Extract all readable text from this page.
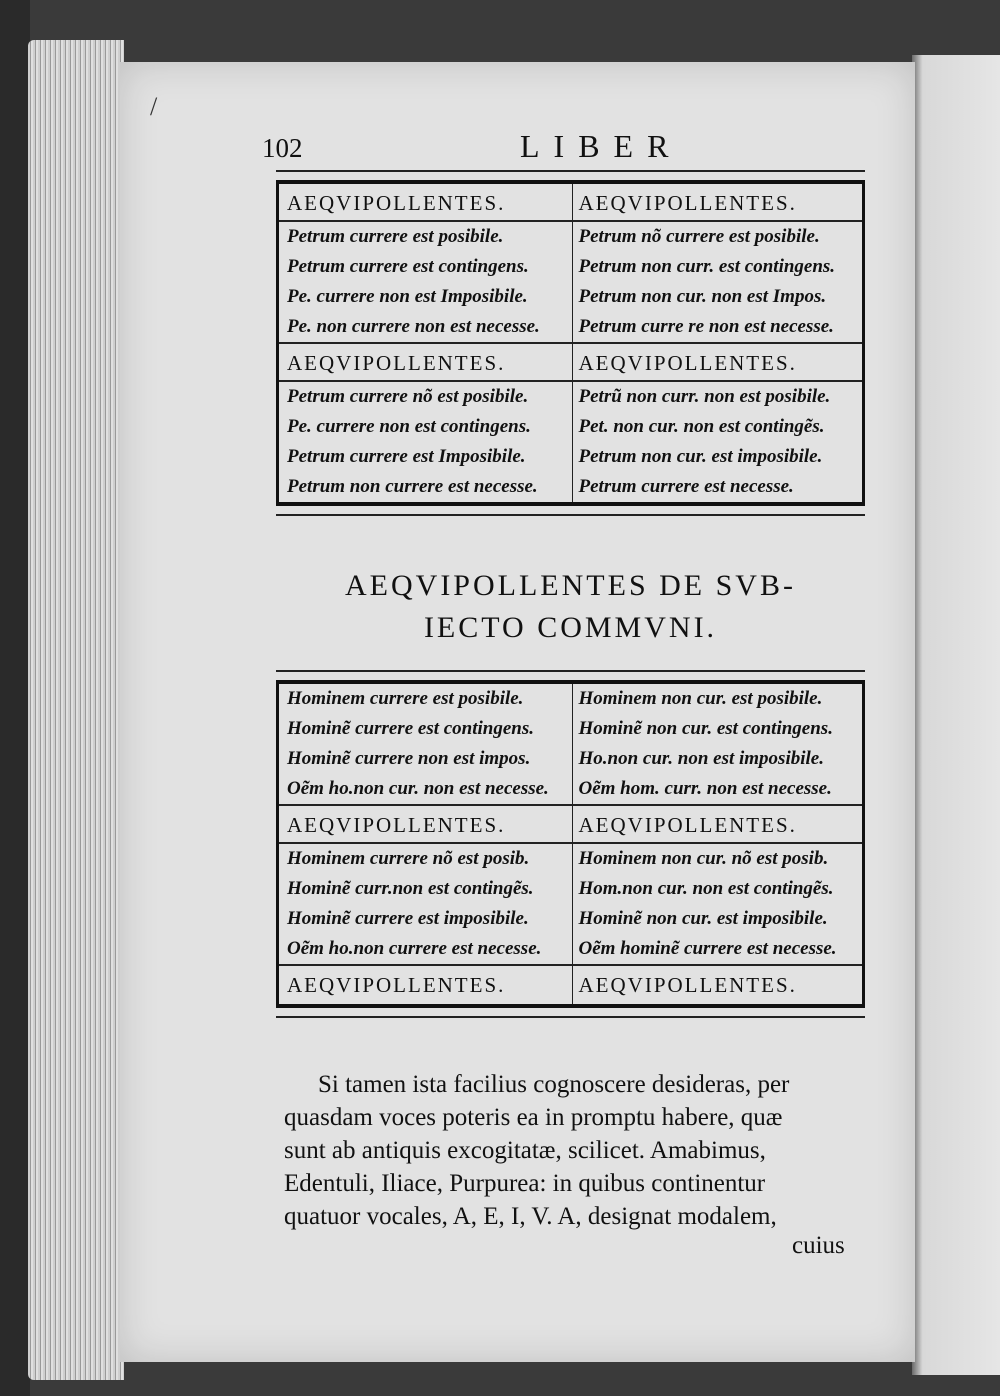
/
102	LIBER
AEQVIPOLLENTES.	AEQVIPOLLENTES.
Petrum currere est posibile.	Petrum nõ currere est posibile.
Petrum currere est contingens.	Petrum non curr. est contingens.
Pe. currere non est Imposibile.	Petrum non cur. non est Impos.
Pe. non currere non est necesse.	Petrum curre re non est necesse.
AEQVIPOLLENTES.	AEQVIPOLLENTES.
Petrum currere nõ est posibile.	Petrũ non curr. non est posibile.
Pe. currere non est contingens.	Pet. non cur. non est contingẽs.
Petrum currere est Imposibile.	Petrum non cur. est imposibile.
Petrum non currere est necesse.	Petrum currere est necesse.
AEQVIPOLLENTES DE SVB-
IECTO COMMVNI.
Hominem currere est posibile.	Hominem non cur. est posibile.
Hominẽ currere est contingens.	Hominẽ non cur. est contingens.
Hominẽ currere non est impos.	Ho.non cur. non est imposibile.
Oẽm ho.non cur. non est necesse.	Oẽm hom. curr. non est necesse.
AEQVIPOLLENTES.	AEQVIPOLLENTES.
Hominem currere nõ est posib.	Hominem non cur. nõ est posib.
Hominẽ curr.non est contingẽs.	Hom.non cur. non est contingẽs.
Hominẽ currere est imposibile.	Hominẽ non cur. est imposibile.
Oẽm ho.non currere est necesse.	Oẽm hominẽ currere est necesse.
AEQVIPOLLENTES.	AEQVIPOLLENTES.
Si tamen ista facilius cognoscere desideras, per
quasdam voces poteris ea in promptu habere, quæ
sunt ab antiquis excogitatæ, scilicet. Amabimus,
Edentuli, Iliace, Purpurea: in quibus continentur
quatuor vocales, A, E, I, V. A, designat modalem,
cuius
